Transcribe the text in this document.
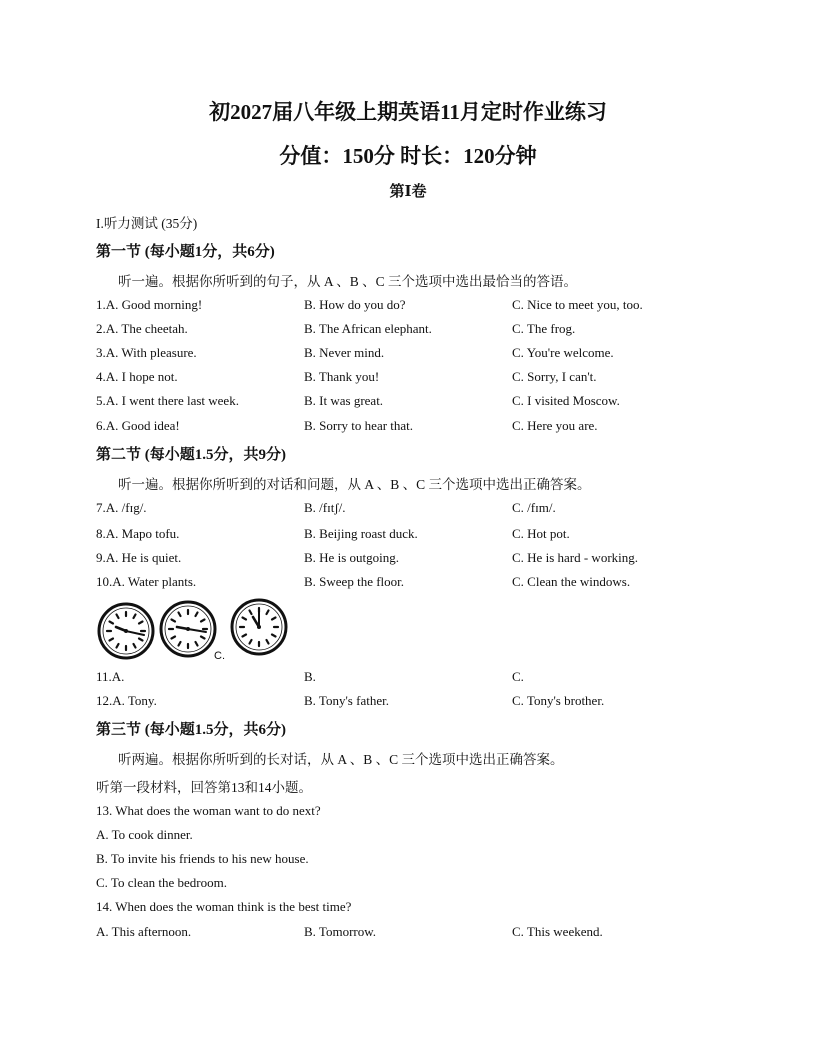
初2027届八年级上期英语11月定时作业练习
分值：150分 时长：120分钟
第Ⅰ卷
I.听力测试 (35分)
第一节 (每小题1分，共6分)
听一遍。根据你所听到的句子，从 A 、B 、C 三个选项中选出最恰当的答语。
1.A. Good morning!	B. How do you do?	C. Nice to meet you, too.
2.A. The cheetah.	B. The African elephant.	C. The frog.
3.A. With pleasure.	B. Never mind.	C. You're welcome.
4.A. I hope not.	B. Thank you!	C. Sorry, I can't.
5.A. I went there last week.	B. It was great.	C. I visited Moscow.
6.A. Good idea!	B. Sorry to hear that.	C. Here you are.
第二节 (每小题1.5分，共9分)
听一遍。根据你所听到的对话和问题，从 A 、B 、C 三个选项中选出正确答案。
7.A. /fɪg/.	B. /fɪtʃ/.	C. /fɪm/.
8.A. Mapo tofu.	B. Beijing roast duck.	C. Hot pot.
9.A. He is quiet.	B. He is outgoing.	C. He is hard - working.
10.A. Water plants.	B. Sweep the floor.	C. Clean the windows.
C.
11.A.	B.	C.
12.A. Tony.	B. Tony's father.	C. Tony's brother.
第三节 (每小题1.5分，共6分)
听两遍。根据你所听到的长对话，从 A 、B 、C 三个选项中选出正确答案。
听第一段材料，回答第13和14小题。
13. What does the woman want to do next?
A. To cook dinner.
B. To invite his friends to his new house.
C. To clean the bedroom.
14. When does the woman think is the best time?
A. This afternoon.	B. Tomorrow.	C. This weekend.
